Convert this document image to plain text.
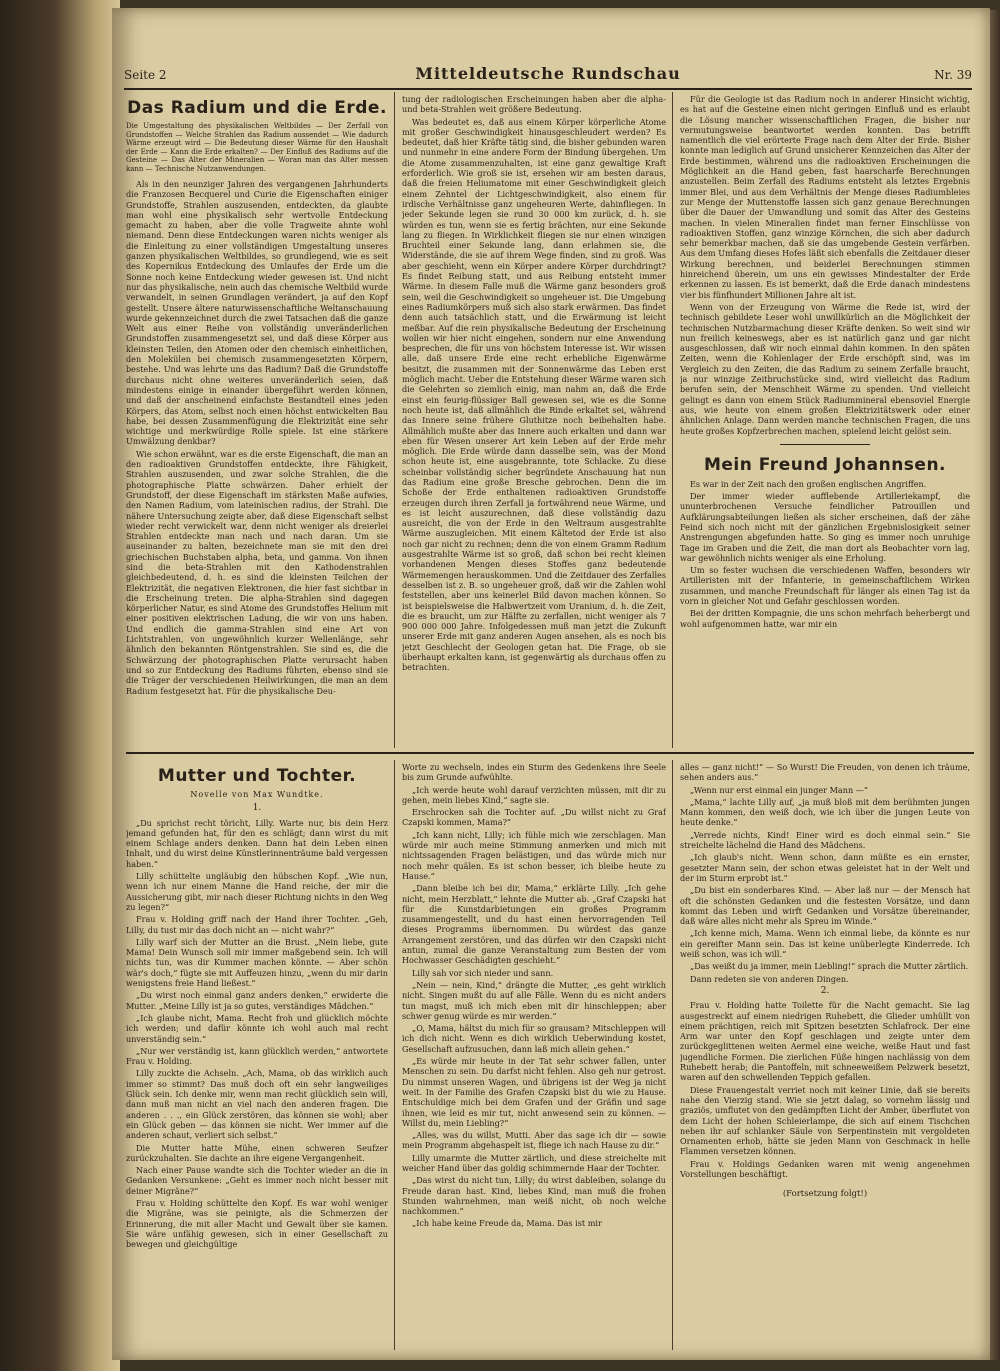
Seite 2	Mitteldeutsche Rundschau	Nr. 39
Das Radium und die Erde.
Die Umgestaltung des physikalischen Weltbildes — Der Zerfall von Grundstoffen — Welche Strahlen das Radium aussendet — Wie dadurch Wärme erzeugt wird — Die Bedeutung dieser Wärme für den Haushalt der Erde — Kann die Erde erkalten? — Der Einfluß des Radiums auf die Gesteine — Das Alter der Mineralien — Woran man das Alter messen kann — Technische Nutzanwendungen.

Als in den neunziger Jahren des vergangenen Jahrhunderts die Franzosen Becquerel und Curie die Eigenschaften einiger Grundstoffe, Strahlen auszusenden, entdeckten, da glaubte man wohl eine physikalisch sehr wertvolle Entdeckung gemacht zu haben, aber die volle Tragweite ahnte wohl niemand. Denn diese Entdeckungen waren nichts weniger als die Einleitung zu einer vollständigen Umgestaltung unseres ganzen physikalischen Weltbildes, so grundlegend, wie es seit des Kopernikus Entdeckung des Umlaufes der Erde um die Sonne noch keine Entdeckung wieder gewesen ist. Und nicht nur das physikalische, nein auch das chemische Weltbild wurde verwandelt, in seinen Grundlagen verändert, ja auf den Kopf gestellt. Unsere ältere naturwissenschaftliche Weltanschauung wurde gekennzeichnet durch die zwei Tatsachen daß die ganze Welt aus einer Reihe von vollständig unveränderlichen Grundstoffen zusammengesetzt sei, und daß diese Körper aus kleinsten Teilen, den Atomen oder den chemisch einheitlichen, den Molekülen bei chemisch zusammengesetzten Körpern, bestehe. Und was lehrte uns das Radium? Daß die Grundstoffe durchaus nicht ohne weiteres unveränderlich seien, daß mindestens einige in einander übergeführt werden können, und daß der anscheinend einfachste Bestandteil eines jeden Körpers, das Atom, selbst noch einen höchst entwickelten Bau habe, bei dessen Zusammenfügung die Elektrizität eine sehr wichtige und merkwürdige Rolle spiele. Ist eine stärkere Umwälzung denkbar?

Wie schon erwähnt, war es die erste Eigenschaft, die man an den radioaktiven Grundstoffen entdeckte, ihre Fähigkeit, Strahlen auszusenden, und zwar solche Strahlen, die die photographische Platte schwärzen. Daher erhielt der Grundstoff, der diese Eigenschaft im stärksten Maße aufwies, den Namen Radium, vom lateinischen radius, der Strahl. Die nähere Untersuchung zeigte aber, daß diese Eigenschaft selbst wieder recht verwickelt war, denn nicht weniger als dreierlei Strahlen entdeckte man nach und nach daran. Um sie auseinander zu halten, bezeichnete man sie mit den drei griechischen Buchstaben alpha, beta, und gamma. Von ihnen sind die beta-Strahlen mit den Kathodenstrahlen gleichbedeutend, d. h. es sind die kleinsten Teilchen der Elektrizität, die negativen Elektronen, die hier fast sichtbar in die Erscheinung treten. Die alpha-Strahlen sind dagegen körperlicher Natur, es sind Atome des Grundstoffes Helium mit einer positiven elektrischen Ladung, die wir von uns haben. Und endlich die gamma-Strahlen sind eine Art von Lichtstrahlen, von ungewöhnlich kurzer Wellenlänge, sehr ähnlich den bekannten Röntgenstrahlen. Sie sind es, die die Schwärzung der photographischen Platte verursacht haben und so zur Entdeckung des Radiums führten, ebenso sind sie die Träger der verschiedenen Heilwirkungen, die man an dem Radium festgesetzt hat. Für die physikalische Deu-

tung der radiologischen Erscheinungen haben aber die alpha- und beta-Strahlen weit größere Bedeutung.

Was bedeutet es, daß aus einem Körper körperliche Atome mit großer Geschwindigkeit hinausgeschleudert werden? Es bedeutet, daß hier Kräfte tätig sind, die bisher gebunden waren und nunmehr in eine andere Form der Bindung übergehen. Um die Atome zusammenzuhalten, ist eine ganz gewaltige Kraft erforderlich. Wie groß sie ist, ersehen wir am besten daraus, daß die freien Heliumatome mit einer Geschwindigkeit gleich einem Zehntel der Lichtgeschwindigkeit, also einem für irdische Verhältnisse ganz ungeheuren Werte, dahinfliegen. In jeder Sekunde legen sie rund 30 000 km zurück, d. h. sie würden es tun, wenn sie es fertig brächten, nur eine Sekunde lang zu fliegen. In Wirklichkeit fliegen sie nur einen winzigen Bruchteil einer Sekunde lang, dann erlahmen sie, die Widerstände, die sie auf ihrem Wege finden, sind zu groß. Was aber geschieht, wenn ein Körper andere Körper durchdringt? Es findet Reibung statt, und aus Reibung entsteht immer Wärme. In diesem Falle muß die Wärme ganz besonders groß sein, weil die Geschwindigkeit so ungeheuer ist. Die Umgebung eines Radiumkörpers muß sich also stark erwärmen. Das findet denn auch tatsächlich statt, und die Erwärmung ist leicht meßbar. Auf die rein physikalische Bedeutung der Erscheinung wollen wir hier nicht eingehen, sondern nur eine Anwendung besprechen, die für uns von höchstem Interesse ist. Wir wissen alle, daß unsere Erde eine recht erhebliche Eigenwärme besitzt, die zusammen mit der Sonnenwärme das Leben erst möglich macht. Ueber die Entstehung dieser Wärme waren sich die Gelehrten so ziemlich einig, man nahm an, daß die Erde einst ein feurig-flüssiger Ball gewesen sei, wie es die Sonne noch heute ist, daß allmählich die Rinde erkaltet sei, während das Innere seine frühere Gluthitze noch beibehalten habe. Allmählich mußte aber das Innere auch erkalten und dann war eben für Wesen unserer Art kein Leben auf der Erde mehr möglich. Die Erde würde dann dasselbe sein, was der Mond schon heute ist, eine ausgebrannte, tote Schlacke. Zu diese scheinbar vollständig sicher begründete Anschauung hat nun das Radium eine große Bresche gebrochen. Denn die im Schoße der Erde enthaltenen radioaktiven Grundstoffe erzeugen durch ihren Zerfall ja fortwährend neue Wärme, und es ist leicht auszurechnen, daß diese vollständig dazu ausreicht, die von der Erde in den Weltraum ausgestrahlte Wärme auszugleichen. Mit einem Kältetod der Erde ist also noch gar nicht zu rechnen; denn die von einem Gramm Radium ausgestrahlte Wärme ist so groß, daß schon bei recht kleinen vorhandenen Mengen dieses Stoffes ganz bedeutende Wärmemengen herauskommen. Und die Zeitdauer des Zerfalles desselben ist z. B. so ungeheuer groß, daß wir die Zahlen wohl feststellen, aber uns keinerlei Bild davon machen können. So ist beispielsweise die Halbwertzeit vom Uranium, d. h. die Zeit, die es braucht, um zur Hälfte zu zerfallen, nicht weniger als 7 900 000 000 Jahre. Infolgedessen muß man jetzt die Zukunft unserer Erde mit ganz anderen Augen ansehen, als es noch bis jetzt Geschlecht der Geologen getan hat. Die Frage, ob sie überhaupt erkalten kann, ist gegenwärtig als durchaus offen zu betrachten.

Für die Geologie ist das Radium noch in anderer Hinsicht wichtig, es hat auf die Gesteine einen nicht geringen Einfluß und es erlaubt die Lösung mancher wissenschaftlichen Fragen, die bisher nur vermutungsweise beantwortet werden konnten. Das betrifft namentlich die viel erörterte Frage nach dem Alter der Erde. Bisher konnte man lediglich auf Grund unsicherer Kennzeichen das Alter der Erde bestimmen, während uns die radioaktiven Erscheinungen die Möglichkeit an die Hand geben, fast haarscharfe Berechnungen anzustellen. Beim Zerfall des Radiums entsteht als letztes Ergebnis immer Blei, und aus dem Verhältnis der Menge dieses Radiumbleies zur Menge der Muttenstoffe lassen sich ganz genaue Berechnungen über die Dauer der Umwandlung und somit das Alter des Gesteins machen. In vielen Mineralien findet man ferner Einschlüsse von radioaktiven Stoffen, ganz winzige Körnchen, die sich aber dadurch sehr bemerkbar machen, daß sie das umgebende Gestein verfärben. Aus dem Umfang dieses Hofes läßt sich ebenfalls die Zeitdauer dieser Wirkung berechnen, und beiderlei Berechnungen stimmen hinreichend überein, um uns ein gewisses Mindestalter der Erde erkennen zu lassen. Es ist bemerkt, daß die Erde danach mindestens vier bis fünfhundert Millionen Jahre alt ist.

Wenn von der Erzeugung von Wärme die Rede ist, wird der technisch gebildete Leser wohl unwillkürlich an die Möglichkeit der technischen Nutzbarmachung dieser Kräfte denken. So weit sind wir nun freilich keineswegs, aber es ist natürlich ganz und gar nicht ausgeschlossen, daß wir noch einmal dahin kommen. In den späten Zeiten, wenn die Kohlenlager der Erde erschöpft sind, was im Vergleich zu den Zeiten, die das Radium zu seinem Zerfalle braucht, ja nur winzige Zeitbruchstücke sind, wird vielleicht das Radium berufen sein, der Menschheit Wärme zu spenden. Und vielleicht gelingt es dann von einem Stück Radiummineral ebensoviel Energie aus, wie heute von einem großen Elektrizitätswerk oder einer ähnlichen Anlage. Dann werden manche technischen Fragen, die uns heute großes Kopfzerbrechen machen, spielend leicht gelöst sein.

Mein Freund Johannsen.

Es war in der Zeit nach den großen englischen Angriffen.

Der immer wieder aufflebende Artilleriekampf, die ununterbrochenen Versuche feindlicher Patrouillen und Aufklärungsabteilungen ließen als sicher erscheinen, daß der zähe Feind sich noch nicht mit der gänzlichen Ergebnislosigkeit seiner Anstrengungen abgefunden hatte. So ging es immer noch unruhige Tage im Graben und die Zeit, die man dort als Beobachter vorn lag, war gewöhnlich nichts weniger als eine Erholung.

Um so fester wuchsen die verschiedenen Waffen, besonders wir Artilleristen mit der Infanterie, in gemeinschaftlichem Wirken zusammen, und manche Freundschaft für länger als einen Tag ist da vorn in gleicher Not und Gefahr geschlossen worden.

Bei der dritten Kompagnie, die uns schon mehrfach beherbergt und wohl aufgenommen hatte, war mir ein

Mutter und Tochter.
Novelle von Max Wundtke.
1.

„Du sprichst recht töricht, Lilly. Warte nur, bis dein Herz jemand gefunden hat, für den es schlägt; dann wirst du mit einem Schlage anders denken. Dann hat dein Leben einen Inhalt, und du wirst deine Künstlerinnenträume bald vergessen haben.“

Lilly schüttelte ungläubig den hübschen Kopf. „Wie nun, wenn ich nur einem Manne die Hand reiche, der mir die Aussicherung gibt, mir nach dieser Richtung nichts in den Weg zu legen?“

Frau v. Holding griff nach der Hand ihrer Tochter. „Geh, Lilly, du tust mir das doch nicht an — nicht wahr?“

Lilly warf sich der Mutter an die Brust. „Nein liebe, gute Mama! Dein Wunsch soll mir immer maßgebend sein. Ich will nichts tun, was dir Kummer machen könnte. — Aber schön wär's doch,“ fügte sie mit Auffeuzen hinzu, „wenn du mir darin wenigstens freie Hand ließest.“

„Du wirst noch einmal ganz anders denken,“ erwiderte die Mutter. „Meine Lilly ist ja so gutes, verständiges Mädchen.“

„Ich glaube nicht, Mama. Recht froh und glücklich möchte ich werden; und dafür könnte ich wohl auch mal recht unverständig sein.“

„Nur wer verständig ist, kann glücklich werden,“ antwortete Frau v. Holding.

Lilly zuckte die Achseln. „Ach, Mama, ob das wirklich auch immer so stimmt? Das muß doch oft ein sehr langweiliges Glück sein. Ich denke mir, wenn man recht glücklich sein will, dann muß man nicht an viel nach den anderen fragen. Die anderen . . ., ein Glück zerstören, das können sie wohl; aber ein Glück geben — das können sie nicht. Wer immer auf die anderen schaut, verliert sich selbst.“

Die Mutter hatte Mühe, einen schweren Seufzer zurückzuhalten. Sie dachte an ihre eigene Vergangenheit.

Nach einer Pause wandte sich die Tochter wieder an die in Gedanken Versunkene: „Geht es immer noch nicht besser mit deiner Migräne?“

Frau v. Holding schüttelte den Kopf. Es war wohl weniger die Migräne, was sie peinigte, als die Schmerzen der Erinnerung, die mit aller Macht und Gewalt über sie kamen. Sie wäre unfähig gewesen, sich in einer Gesellschaft zu bewegen und gleichgültige

Worte zu wechseln, indes ein Sturm des Gedenkens ihre Seele bis zum Grunde aufwühlte.

„Ich werde heute wohl darauf verzichten müssen, mit dir zu gehen, mein liebes Kind,“ sagte sie.

Erschrocken sah die Tochter auf. „Du willst nicht zu Graf Czapski kommen, Mama?“

„Ich kann nicht, Lilly; ich fühle mich wie zerschlagen. Man würde mir auch meine Stimmung anmerken und mich mit nichtssagenden Fragen belästigen, und das würde mich nur noch mehr quälen. Es ist schon besser, ich bleibe heute zu Hause.“

„Dann bleibe ich bei dir, Mama,“ erklärte Lilly. „Ich gehe nicht, mein Herzblatt,“ lehnte die Mutter ab. „Graf Czapski hat für die Kunstdarbietungen ein großes Programm zusammengestellt, und du hast einen hervorragenden Teil dieses Programms übernommen. Du würdest das ganze Arrangement zerstören, und das dürfen wir den Czapski nicht antun, zumal die ganze Veranstaltung zum Besten der vom Hochwasser Geschädigten geschieht.“

Lilly sah vor sich nieder und sann.

„Nein — nein, Kind,“ drängte die Mutter, „es geht wirklich nicht. Singen mußt du auf alle Fälle. Wenn du es nicht anders tun magst, muß ich mich eben mit dir hinschleppen; aber schwer genug würde es mir werden.“

„O, Mama, hältst du mich für so grausam? Mitschleppen will ich dich nicht. Wenn es dich wirklich Ueberwindung kostet, Gesellschaft aufzusuchen, dann laß mich allein gehen.“

„Es würde mir heute in der Tat sehr schwer fallen, unter Menschen zu sein. Du darfst nicht fehlen. Also geh nur getrost. Du nimmst unseren Wagen, und übrigens ist der Weg ja nicht weit. In der Familie des Grafen Czapski bist du wie zu Hause. Entschuldige mich bei dem Grafen und der Gräfin und sage ihnen, wie leid es mir tut, nicht anwesend sein zu können. — Willst du, mein Liebling?“

„Alles, was du willst, Mutti. Aber das sage ich dir — sowie mein Programm abgehaspelt ist, fliege ich nach Hause zu dir.“

Lilly umarmte die Mutter zärtlich, und diese streichelte mit weicher Hand über das goldig schimmernde Haar der Tochter.

„Das wirst du nicht tun, Lilly; du wirst dableiben, solange du Freude daran hast. Kind, liebes Kind, man muß die frohen Stunden wahrnehmen, man weiß nicht, ob noch welche nachkommen.“

„Ich habe keine Freude da, Mama. Das ist mir

alles — ganz nicht!“ — So Wurst! Die Freuden, von denen ich träume, sehen anders aus.“

„Wenn nur erst einmal ein junger Mann —“

„Mama,“ lachte Lilly auf, „ja muß bloß mit dem berühmten jungen Mann kommen, den weiß doch, wie ich über die jungen Leute von heute denke.“

„Verrede nichts, Kind! Einer wird es doch einmal sein.“ Sie streichelte lächelnd die Hand des Mädchens.

„Ich glaub's nicht. Wenn schon, dann müßte es ein ernster, gesetzter Mann sein, der schon etwas geleistet hat in der Welt und der im Sturm erprobt ist.“

„Du bist ein sonderbares Kind. — Aber laß nur — der Mensch hat oft die schönsten Gedanken und die festesten Vorsätze, und dann kommt das Leben und wirft Gedanken und Vorsätze übereinander, daß wäre alles nicht mehr als Spreu im Winde.“

„Ich kenne mich, Mama. Wenn ich einmal liebe, da könnte es nur ein gereifter Mann sein. Das ist keine unüberlegte Kinderrede. Ich weiß schon, was ich will.“

„Das weißt du ja immer, mein Liebling!“ sprach die Mutter zärtlich.

Dann redeten sie von anderen Dingen.

2.

Frau v. Holding hatte Toilette für die Nacht gemacht. Sie lag ausgestreckt auf einem niedrigen Ruhebett, die Glieder umhüllt von einem prächtigen, reich mit Spitzen besetzten Schlafrock. Der eine Arm war unter den Kopf geschlagen und zeigte unter dem zurückgeglittenen weiten Aermel eine weiche, weiße Haut und fast jugendliche Formen. Die zierlichen Füße hingen nachlässig von dem Ruhebett herab; die Pantoffeln, mit schneeweißem Pelzwerk besetzt, waren auf den schwellenden Teppich gefallen.

Diese Frauengestalt verriet noch mit keiner Linie, daß sie bereits nahe den Vierzig stand. Wie sie jetzt dalag, so vornehm lässig und graziös, umflutet von den gedämpften Licht der Amber, überflutet von dem Licht der hohen Schleierlampe, die sich auf einem Tischchen neben ihr auf schlanker Säule von Serpentinstein mit vergoldeten Ornamenten erhob, hätte sie jeden Mann von Geschmack in helle Flammen versetzen können.

Frau v. Holdings Gedanken waren mit wenig angenehmen Vorstellungen beschäftigt.

(Fortsetzung folgt!)
